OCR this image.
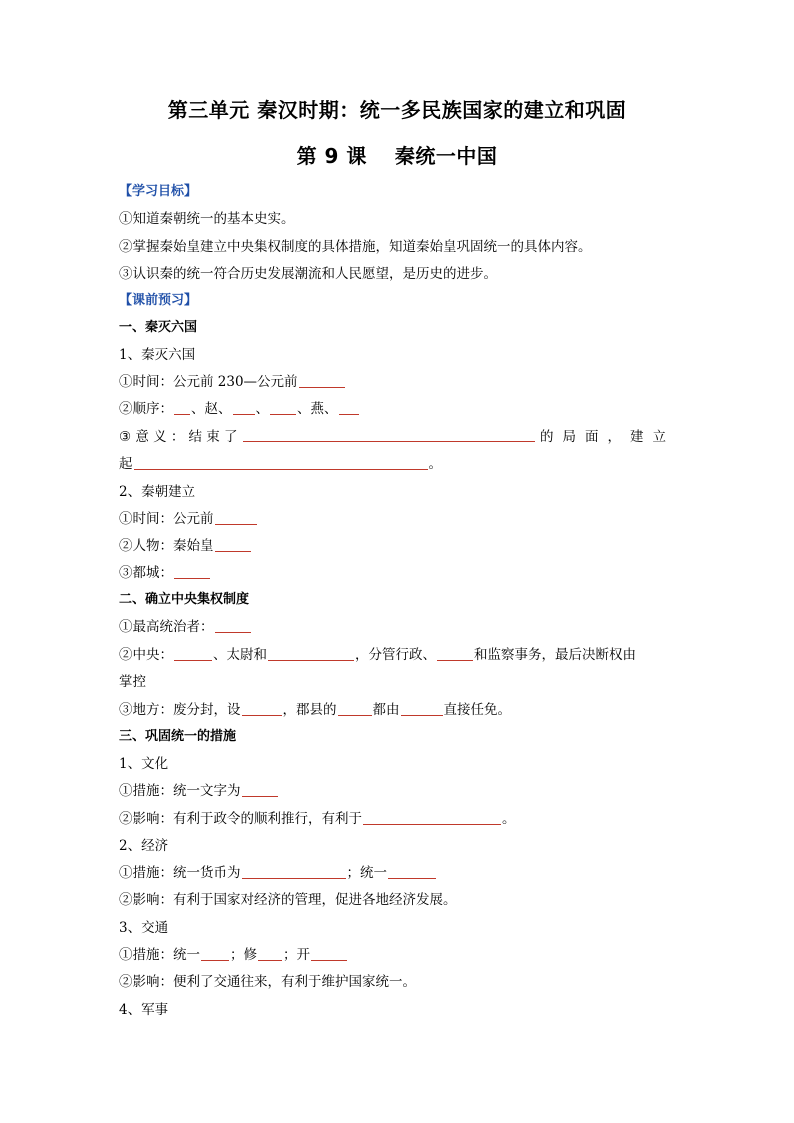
第三单元 秦汉时期：统一多民族国家的建立和巩固
第 9 课　 秦统一中国
【学习目标】
①知道秦朝统一的基本史实。
②掌握秦始皇建立中央集权制度的具体措施，知道秦始皇巩固统一的具体内容。
③认识秦的统一符合历史发展潮流和人民愿望，是历史的进步。
【课前预习】
一、秦灭六国
1、秦灭六国
①时间：公元前 230—公元前
②顺序： 、赵、 、 、燕、
③ 意 义 ： 结 束 了	的局面，建立
起	。
2、秦朝建立
①时间：公元前
②人物：秦始皇
③都城：
二、确立中央集权制度
①最高统治者：
②中央：	、太尉和	，分管行政、	和监察事务，最后决断权由
掌控
③地方：废分封，设	，郡县的	都由	直接任免。
三、巩固统一的措施
1、文化
①措施：统一文字为
②影响：有利于政令的顺利推行，有利于	。
2、经济
①措施：统一货币为	；统一
②影响：有利于国家对经济的管理，促进各地经济发展。
3、交通
①措施：统一 ；修 ；开
②影响：便利了交通往来，有利于维护国家统一。
4、军事
